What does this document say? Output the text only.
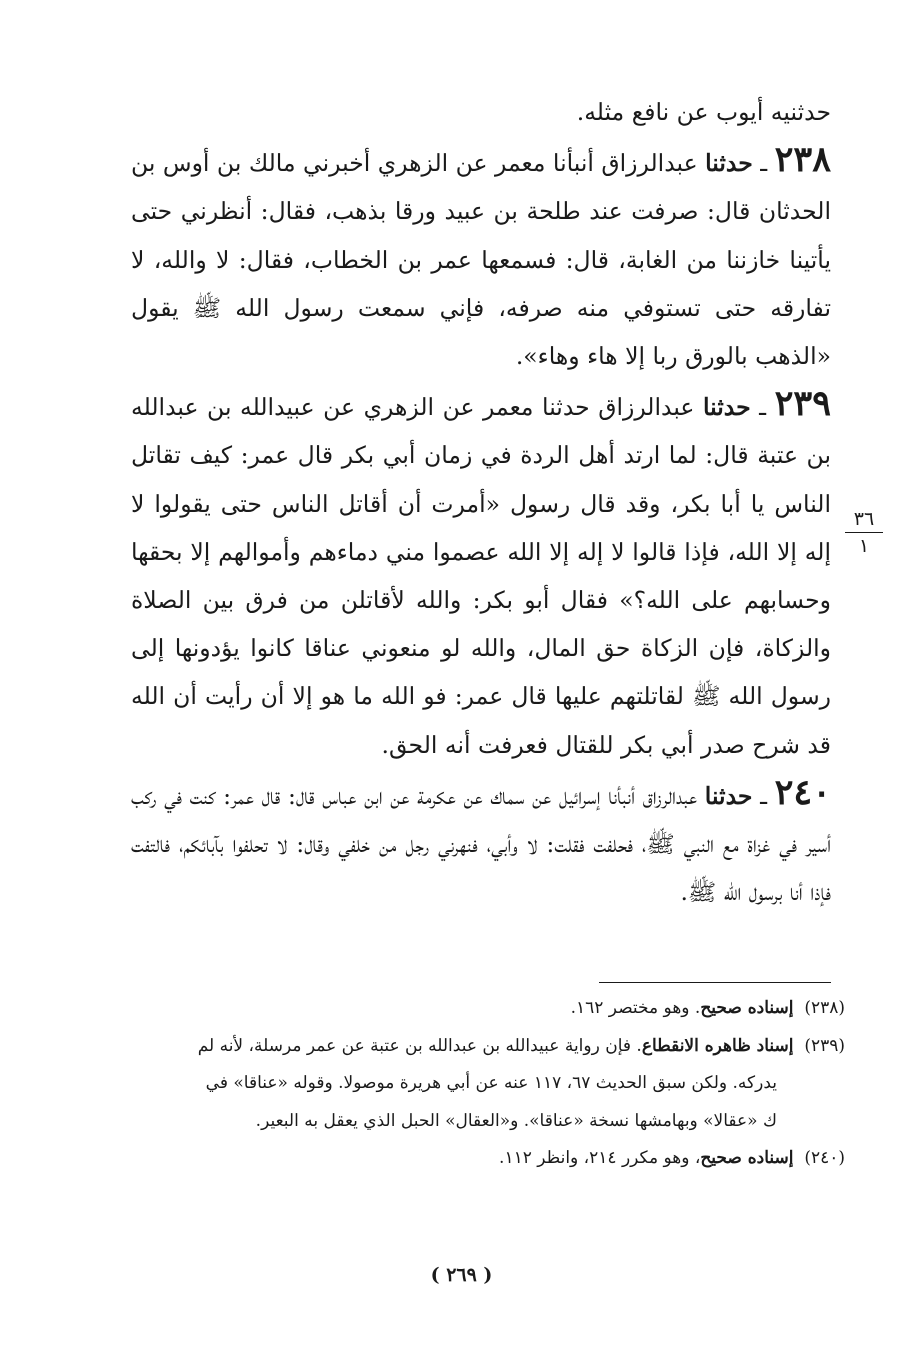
حدثنيه أيوب عن نافع مثله.

٢٣٨ ـ حدثنا عبدالرزاق أنبأنا معمر عن الزهري أخبرني مالك بن أوس بن الحدثان قال: صرفت عند طلحة بن عبيد ورقا بذهب، فقال: أنظرني حتى يأتينا خازننا من الغابة، قال: فسمعها عمر بن الخطاب، فقال: لا والله، لا تفارقه حتى تستوفي منه صرفه، فإني سمعت رسول الله ﷺ يقول «الذهب بالورق ربا إلا هاء وهاء».

٢٣٩ ـ حدثنا عبدالرزاق حدثنا معمر عن الزهري عن عبيدالله بن عبدالله بن عتبة قال: لما ارتد أهل الردة في زمان أبي بكر قال عمر: كيف تقاتل الناس يا أبا بكر، وقد قال رسول «أمرت أن أقاتل الناس حتى يقولوا لا إله إلا الله، فإذا قالوا لا إله إلا الله عصموا مني دماءهم وأموالهم إلا بحقها وحسابهم على الله؟» فقال أبو بكر: والله لأقاتلن من فرق بين الصلاة والزكاة، فإن الزكاة حق المال، والله لو منعوني عناقا كانوا يؤدونها إلى رسول الله ﷺ لقاتلتهم عليها قال عمر: فو الله ما هو إلا أن رأيت أن الله قد شرح صدر أبي بكر للقتال فعرفت أنه الحق.

٢٤٠ ـ حدثنا عبدالرزاق أنبأنا إسرائيل عن سماك عن عكرمة عن ابن عباس قال: قال عمر: كنت في ركب أسير في غزاة مع النبي ﷺ، فحلفت فقلت: لا وأبي، فنهرني رجل من خلفي وقال: لا تحلفوا بآبائكم، فالتفت فإذا أنا برسول الله ﷺ.

٣٦
١

(٢٣٨)  إسناده صحيح. وهو مختصر ١٦٢.

(٢٣٩)  إسناد ظاهره الانقطاع. فإن رواية عبيدالله بن عبدالله بن عتبة عن عمر مرسلة، لأنه لم

يدركه. ولكن سبق الحديث ٦٧، ١١٧ عنه عن أبي هريرة موصولا. وقوله «عناقا» في

ك «عقالا» وبهامشها نسخة «عناقا». و«العقال» الحبل الذي يعقل به البعير.

(٢٤٠)  إسناده صحيح، وهو مكرر ٢١٤، وانظر ١١٢.

( ٢٦٩ )
